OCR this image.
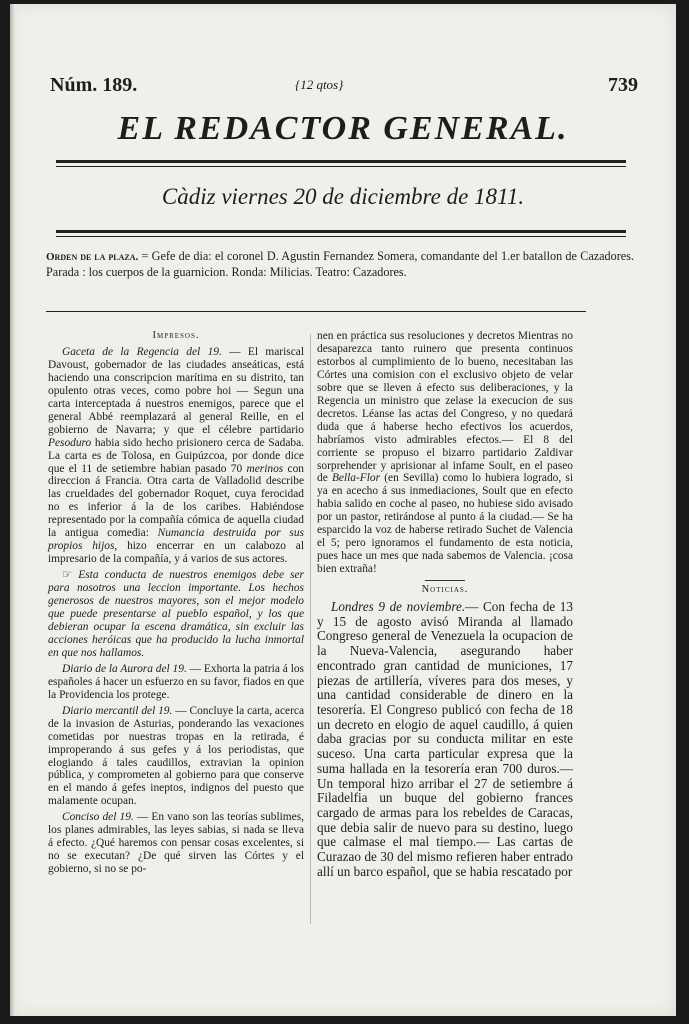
Núm. 189.	{12 qtos}	739
EL REDACTOR GENERAL.
Càdiz viernes 20 de diciembre de 1811.
Orden de la plaza. = Gefe de dia: el coronel D. Agustin Fernandez Somera, comandante del 1.er batallon de Cazadores. Parada : los cuerpos de la guarnicion. Ronda: Milicias. Teatro: Cazadores.

Impresos.

Gaceta de la Regencia del 19. — El mariscal Davoust, gobernador de las ciudades anseáticas, está haciendo una conscripcion marítima en su distrito, tan opulento otras veces, como pobre hoi — Segun una carta interceptada á nuestros enemigos, parece que el general Abbé reemplazará al general Reille, en el gobierno de Navarra; y que el célebre partidario Pesoduro habia sido hecho prisionero cerca de Sadaba. La carta es de Tolosa, en Guipúzcoa, por donde dice que el 11 de setiembre habian pasado 70 merinos con direccion á Francia. Otra carta de Valladolid describe las crueldades del gobernador Roquet, cuya ferocidad no es inferior á la de los caribes. Habiéndose representado por la compañía cómica de aquella ciudad la antigua comedia: Numancia destruida por sus propios hijos, hizo encerrar en un calabozo al impresario de la compañía, y á varios de sus actores.

☞ Esta conducta de nuestros enemigos debe ser para nosotros una leccion importante. Los hechos generosos de nuestros mayores, son el mejor modelo que puede presentarse al pueblo español, y los que debieran ocupar la escena dramática, sin excluir las acciones heróicas que ha producido la lucha inmortal en que nos hallamos.

Diario de la Aurora del 19. — Exhorta la patria á los españoles á hacer un esfuerzo en su favor, fiados en que la Providencia los protege.

Diario mercantil del 19. — Concluye la carta, acerca de la invasion de Asturias, ponderando las vexaciones cometidas por nuestras tropas en la retirada, é improperando á sus gefes y á los periodistas, que elogiando á tales caudillos, extravian la opinion pública, y comprometen al gobierno para que conserve en el mando á gefes ineptos, indignos del puesto que malamente ocupan.

Conciso del 19. — En vano son las teorías sublimes, los planes admirables, las leyes sabias, si nada se lleva á efecto. ¿Qué haremos con pensar cosas excelentes, si no se executan? ¿De qué sirven las Córtes y el gobierno, si no se po-

nen en práctica sus resoluciones y decretos Mientras no desaparezca tanto ruinero que presenta continuos estorbos al cumplimiento de lo bueno, necesitaban las Córtes una comision con el exclusivo objeto de velar sobre que se lleven á efecto sus deliberaciones, y la Regencia un ministro que zelase la execucion de sus decretos. Léanse las actas del Congreso, y no quedará duda que á haberse hecho efectivos los acuerdos, habríamos visto admirables efectos.— El 8 del corriente se propuso el bizarro partidario Zaldivar sorprehender y aprisionar al infame Soult, en el paseo de Bella-Flor (en Sevilla) como lo hubiera logrado, si ya en acecho á sus inmediaciones, Soult que en efecto habia salido en coche al paseo, no hubiese sido avisado por un pastor, retirándose al punto á la ciudad.— Se ha esparcido la voz de haberse retirado Suchet de Valencia el 5; pero ignoramos el fundamento de esta noticia, pues hace un mes que nada sabemos de Valencia. ¡cosa bien extraña!

Noticias.

Londres 9 de noviembre.— Con fecha de 13 y 15 de agosto avisó Miranda al llamado Congreso general de Venezuela la ocupacion de la Nueva-Valencia, asegurando haber encontrado gran cantidad de municiones, 17 piezas de artillería, víveres para dos meses, y una cantidad considerable de dinero en la tesorería. El Congreso publicó con fecha de 18 un decreto en elogio de aquel caudillo, á quien daba gracias por su conducta militar en este suceso. Una carta particular expresa que la suma hallada en la tesorería eran 700 duros.— Un temporal hizo arribar el 27 de setiembre á Filadelfia un buque del gobierno frances cargado de armas para los rebeldes de Caracas, que debia salir de nuevo para su destino, luego que calmase el mal tiempo.— Las cartas de Curazao de 30 del mismo refieren haber entrado allí un barco español, que se habia rescatado por
